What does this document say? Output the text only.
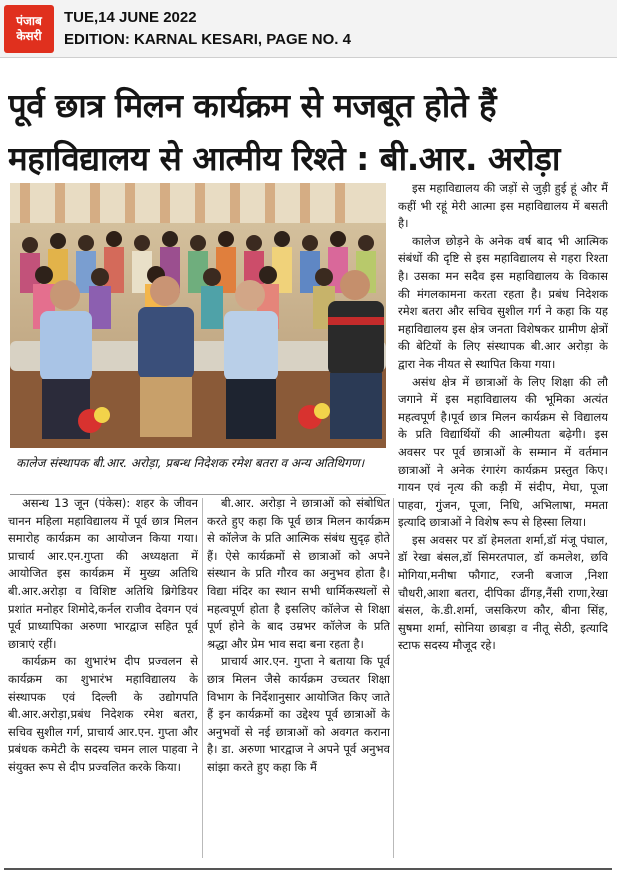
पंजाब
केसरी
TUE,14 JUNE 2022
EDITION: KARNAL KESARI, PAGE NO. 4
पूर्व छात्र मिलन कार्यक्रम से मजबूत होते हैं
महाविद्यालय से आत्मीय रिश्ते : बी.आर. अरोड़ा
कालेज संस्थापक बी.आर. अरोड़ा, प्रबन्ध निदेशक रमेश बतरा व अन्य अतिथिगण।

इस महाविद्यालय की जड़ों से जुड़ी हुई हूं और मैं कहीं भी रहूं मेरी आत्मा इस महाविद्यालय में बसती है।

कालेज छोड़ने के अनेक वर्ष बाद भी आत्मिक संबंधों की दृष्टि से इस महाविद्यालय से गहरा रिश्ता है। उसका मन सदैव इस महाविद्यालय के विकास की मंगलकामना करता रहता है। प्रबंध निदेशक रमेश बतरा और सचिव सुशील गर्ग ने कहा कि यह महाविद्यालय इस क्षेत्र जनता विशेषकर ग्रामीण क्षेत्रों की बेटियों के लिए संस्थापक बी.आर अरोड़ा के द्वारा नेक नीयत से स्थापित किया गया।

असंध क्षेत्र में छात्राओं के लिए शिक्षा की लौ जगाने में इस महाविद्यालय की भूमिका अत्यंत महत्वपूर्ण है।पूर्व छात्र मिलन कार्यक्रम से विद्यालय के प्रति विद्यार्थियों की आत्मीयता बढ़ेगी। इस अवसर पर पूर्व छात्राओं के सम्मान में वर्तमान छात्राओं ने अनेक रंगारंग कार्यक्रम प्रस्तुत किए। गायन एवं नृत्य की कड़ी में संदीप, मेघा, पूजा पाहवा, गुंजन, पूजा, निधि, अभिलाषा, ममता इत्यादि छात्राओं ने विशेष रूप से हिस्सा लिया।

इस अवसर पर डॉ हेमलता शर्मा,डॉ मंजू पंघाल, डॉ रेखा बंसल,डॉ सिमरतपाल, डॉ कमलेश, छवि मोगिया,मनीषा फौगाट, रजनी बजाज ,निशा चौधरी,आशा बतरा, दीपिका ढींगड़,नैंसी राणा,रेखा बंसल, के.डी.शर्मा, जसकिरण कौर, बीना सिंह, सुषमा शर्मा, सोनिया छाबड़ा व नीतू सेठी, इत्यादि स्टाफ सदस्य मौजूद रहे।

असन्ध 13 जून (पंकेस): शहर के जीवन चानन महिला महाविद्यालय में पूर्व छात्र मिलन समारोह कार्यक्रम का आयोजन किया गया।प्राचार्य आर.एन.गुप्ता की अध्यक्षता में आयोजित इस कार्यक्रम में मुख्य अतिथि बी.आर.अरोड़ा व विशिष्ट अतिथि ब्रिगेडियर प्रशांत मनोहर शिमोदे,कर्नल राजीव देवगन एवं पूर्व प्राध्यापिका अरुणा भारद्वाज सहित पूर्व छात्राएं रहीं।

कार्यक्रम का शुभारंभ दीप प्रज्वलन से कार्यक्रम का शुभारंभ महाविद्यालय के संस्थापक एवं दिल्ली के उद्योगपति बी.आर.अरोड़ा,प्रबंध निदेशक रमेश बतरा, सचिव सुशील गर्ग, प्राचार्य आर.एन. गुप्ता और प्रबंधक कमेटी के सदस्य चमन लाल पाहवा ने संयुक्त रूप से दीप प्रज्वलित करके किया।

बी.आर. अरोड़ा ने छात्राओं को संबोधित करते हुए कहा कि पूर्व छात्र मिलन कार्यक्रम से कॉलेज के प्रति आत्मिक संबंध सुदृढ़ होते हैं। ऐसे कार्यक्रमों से छात्राओं को अपने संस्थान के प्रति गौरव का अनुभव होता है। विद्या मंदिर का स्थान सभी धार्मिकस्थलों से महत्वपूर्ण होता है इसलिए कॉलेज से शिक्षा पूर्ण होने के बाद उम्रभर कॉलेज के प्रति श्रद्धा और प्रेम भाव सदा बना रहता है।

प्राचार्य आर.एन. गुप्ता ने बताया कि पूर्व छात्र मिलन जैसे कार्यक्रम उच्चतर शिक्षा विभाग के निर्देशानुसार आयोजित किए जाते हैं इन कार्यक्रमों का उद्देश्य पूर्व छात्राओं के अनुभवों से नई छात्राओं को अवगत कराना है। डा. अरुणा भारद्वाज ने अपने पूर्व अनुभव सांझा करते हुए कहा कि मैं
